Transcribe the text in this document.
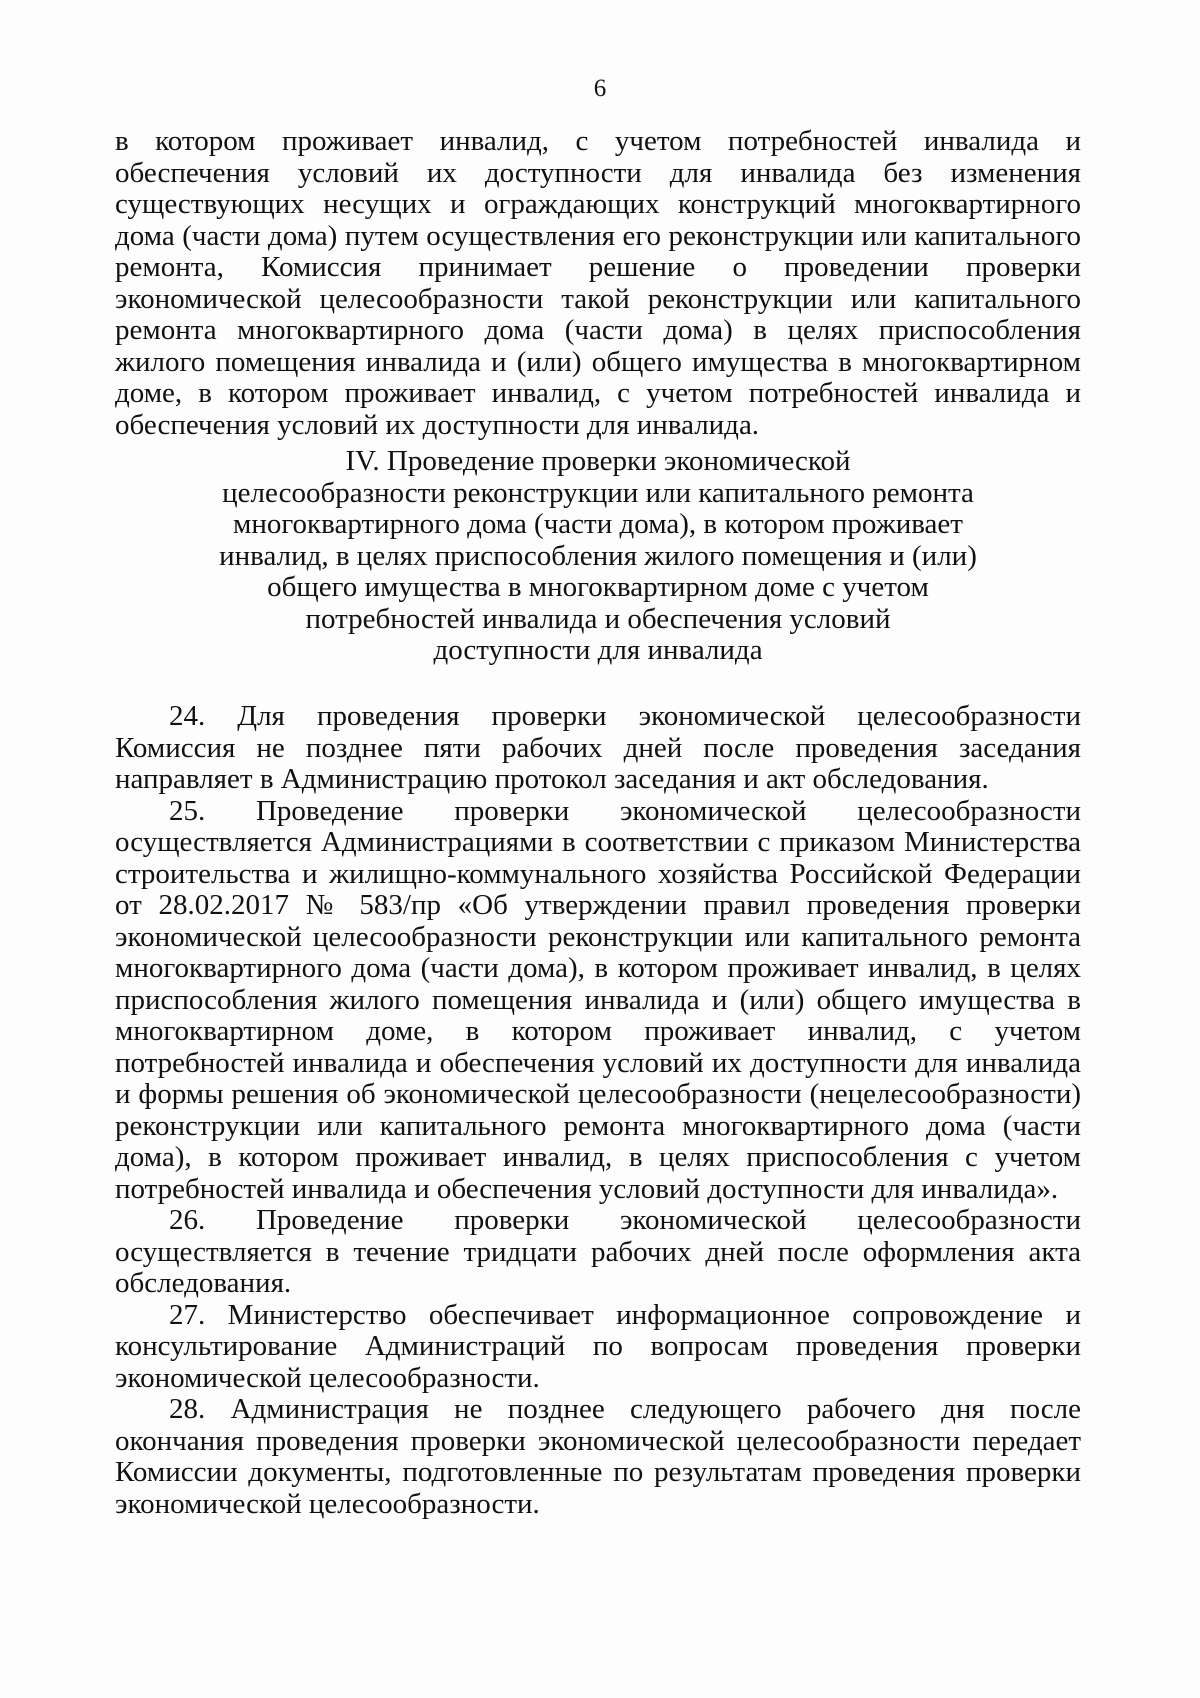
6

в котором проживает инвалид, с учетом потребностей инвалида и обеспечения условий их доступности для инвалида без изменения существующих несущих и ограждающих конструкций многоквартирного дома (части дома) путем осуществления его реконструкции или капитального ремонта, Комиссия принимает решение о проведении проверки экономической целесообразности такой реконструкции или капитального ремонта многоквартирного дома (части дома) в целях приспособления жилого помещения инвалида и (или) общего имущества в многоквартирном доме, в котором проживает инвалид, с учетом потребностей инвалида и обеспечения условий их доступности для инвалида.

IV. Проведение проверки экономической
целесообразности реконструкции или капитального ремонта
многоквартирного дома (части дома), в котором проживает
инвалид, в целях приспособления жилого помещения и (или)
общего имущества в многоквартирном доме с учетом
потребностей инвалида и обеспечения условий
доступности для инвалида

24. Для проведения проверки экономической целесообразности Комиссия не позднее пяти рабочих дней после проведения заседания направляет в Администрацию протокол заседания и акт обследования.

25. Проведение проверки экономической целесообразности осуществляется Администрациями в соответствии с приказом Министерства строительства и жилищно-коммунального хозяйства Российской Федерации от 28.02.2017 № 583/пр «Об утверждении правил проведения проверки экономической целесообразности реконструкции или капитального ремонта многоквартирного дома (части дома), в котором проживает инвалид, в целях приспособления жилого помещения инвалида и (или) общего имущества в многоквартирном доме, в котором проживает инвалид, с учетом потребностей инвалида и обеспечения условий их доступности для инвалида и формы решения об экономической целесообразности (нецелесообразности) реконструкции или капитального ремонта многоквартирного дома (части дома), в котором проживает инвалид, в целях приспособления с учетом потребностей инвалида и обеспечения условий доступности для инвалида».

26. Проведение проверки экономической целесообразности осуществляется в течение тридцати рабочих дней после оформления акта обследования.

27. Министерство обеспечивает информационное сопровождение и консультирование Администраций по вопросам проведения проверки экономической целесообразности.

28. Администрация не позднее следующего рабочего дня после окончания проведения проверки экономической целесообразности передает Комиссии документы, подготовленные по результатам проведения проверки экономической целесообразности.
